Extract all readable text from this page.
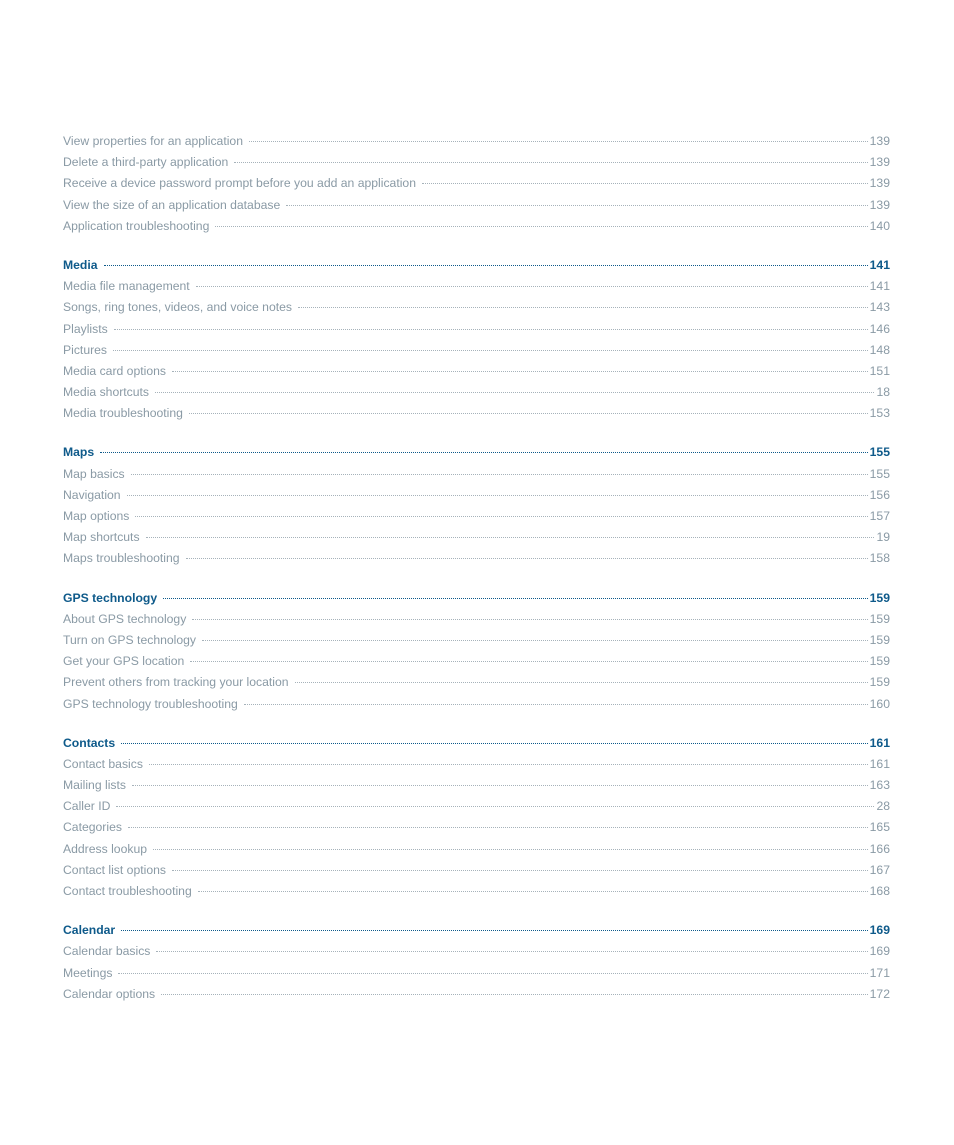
View properties for an application	139
Delete a third-party application	139
Receive a device password prompt before you add an application	139
View the size of an application database	139
Application troubleshooting	140
Media	141
Media file management	141
Songs, ring tones, videos, and voice notes	143
Playlists	146
Pictures	148
Media card options	151
Media shortcuts	18
Media troubleshooting	153
Maps	155
Map basics	155
Navigation	156
Map options	157
Map shortcuts	19
Maps troubleshooting	158
GPS technology	159
About GPS technology	159
Turn on GPS technology	159
Get your GPS location	159
Prevent others from tracking your location	159
GPS technology troubleshooting	160
Contacts	161
Contact basics	161
Mailing lists	163
Caller ID	28
Categories	165
Address lookup	166
Contact list options	167
Contact troubleshooting	168
Calendar	169
Calendar basics	169
Meetings	171
Calendar options	172
